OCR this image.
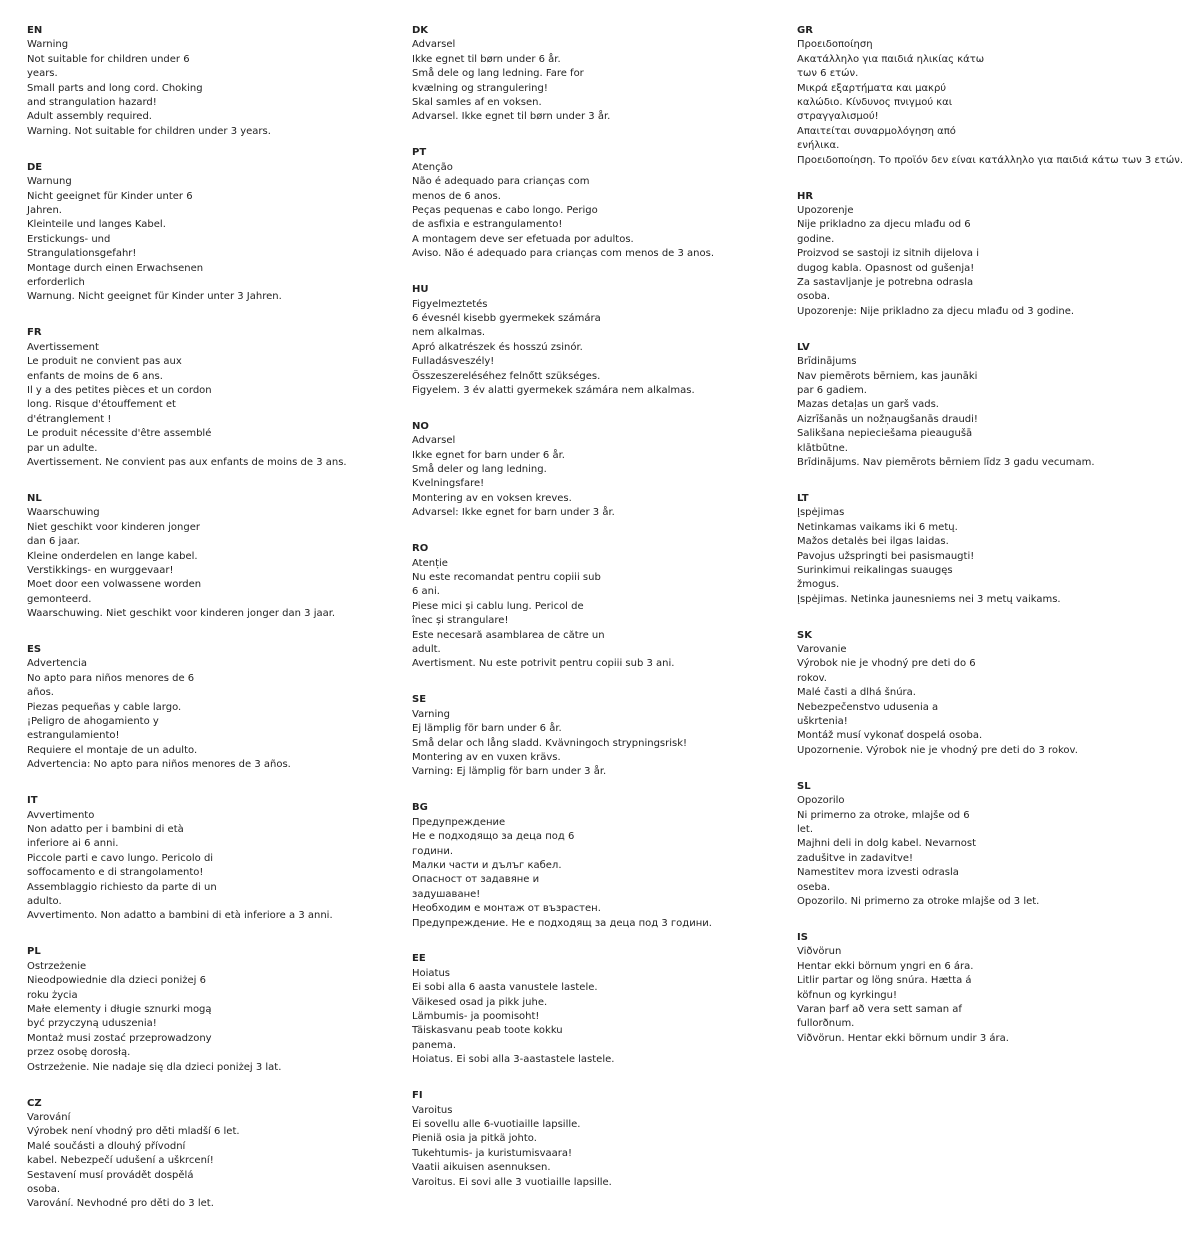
EN
Warning
Not suitable for children under 6
years.
Small parts and long cord. Choking
and strangulation hazard!
Adult assembly required.
Warning. Not suitable for children under 3 years.
DE
Warnung
Nicht geeignet für Kinder unter 6
Jahren.
Kleinteile und langes Kabel.
Erstickungs- und
Strangulationsgefahr!
Montage durch einen Erwachsenen
erforderlich
Warnung. Nicht geeignet für Kinder unter 3 Jahren.
FR
Avertissement
Le produit ne convient pas aux
enfants de moins de 6 ans.
Il y a des petites pièces et un cordon
long. Risque d'étouffement et
d'étranglement !
Le produit nécessite d'être assemblé
par un adulte.
Avertissement. Ne convient pas aux enfants de moins de 3 ans.
NL
Waarschuwing
Niet geschikt voor kinderen jonger
dan 6 jaar.
Kleine onderdelen en lange kabel.
Verstikkings- en wurggevaar!
Moet door een volwassene worden
gemonteerd.
Waarschuwing. Niet geschikt voor kinderen jonger dan 3 jaar.
ES
Advertencia
No apto para niños menores de 6
años.
Piezas pequeñas y cable largo.
¡Peligro de ahogamiento y
estrangulamiento!
Requiere el montaje de un adulto.
Advertencia: No apto para niños menores de 3 años.
IT
Avvertimento
Non adatto per i bambini di età
inferiore ai 6 anni.
Piccole parti e cavo lungo. Pericolo di
soffocamento e di strangolamento!
Assemblaggio richiesto da parte di un
adulto.
Avvertimento. Non adatto a bambini di età inferiore a 3 anni.
PL
Ostrzeżenie
Nieodpowiednie dla dzieci poniżej 6
roku życia
Małe elementy i długie sznurki mogą
być przyczyną uduszenia!
Montaż musi zostać przeprowadzony
przez osobę dorosłą.
Ostrzeżenie. Nie nadaje się dla dzieci poniżej 3 lat.
CZ
Varování
Výrobek není vhodný pro děti mladší 6 let.
Malé součásti a dlouhý přívodní
kabel. Nebezpečí udušení a uškrcení!
Sestavení musí provádět dospělá
osoba.
Varování. Nevhodné pro děti do 3 let.
DK
Advarsel
Ikke egnet til børn under 6 år.
Små dele og lang ledning. Fare for
kvælning og strangulering!
Skal samles af en voksen.
Advarsel. Ikke egnet til børn under 3 år.
PT
Atenção
Não é adequado para crianças com
menos de 6 anos.
Peças pequenas e cabo longo. Perigo
de asfixia e estrangulamento!
A montagem deve ser efetuada por adultos.
Aviso. Não é adequado para crianças com menos de 3 anos.
HU
Figyelmeztetés
6 évesnél kisebb gyermekek számára
nem alkalmas.
Apró alkatrészek és hosszú zsinór.
Fulladásveszély!
Összeszereléséhez felnőtt szükséges.
Figyelem. 3 év alatti gyermekek számára nem alkalmas.
NO
Advarsel
Ikke egnet for barn under 6 år.
Små deler og lang ledning.
Kvelningsfare!
Montering av en voksen kreves.
Advarsel: Ikke egnet for barn under 3 år.
RO
Atenție
Nu este recomandat pentru copiii sub
6 ani.
Piese mici și cablu lung. Pericol de
înec și strangulare!
Este necesară asamblarea de către un
adult.
Avertisment. Nu este potrivit pentru copiii sub 3 ani.
SE
Varning
Ej lämplig för barn under 6 år.
Små delar och lång sladd. Kvävningoch strypningsrisk!
Montering av en vuxen krävs.
Varning: Ej lämplig för barn under 3 år.
BG
Предупреждение
Не е подходящо за деца под 6
години.
Малки части и дълъг кабел.
Опасност от задавяне и
задушаване!
Необходим е монтаж от възрастен.
Предупреждение. Не е подходящ за деца под 3 години.
EE
Hoiatus
Ei sobi alla 6 aasta vanustele lastele.
Väikesed osad ja pikk juhe.
Lämbumis- ja poomisoht!
Täiskasvanu peab toote kokku
panema.
Hoiatus. Ei sobi alla 3-aastastele lastele.
FI
Varoitus
Ei sovellu alle 6-vuotiaille lapsille.
Pieniä osia ja pitkä johto.
Tukehtumis- ja kuristumisvaara!
Vaatii aikuisen asennuksen.
Varoitus. Ei sovi alle 3 vuotiaille lapsille.
GR
Προειδοποίηση
Ακατάλληλο για παιδιά ηλικίας κάτω
των 6 ετών.
Μικρά εξαρτήματα και μακρύ
καλώδιο. Κίνδυνος πνιγμού και
στραγγαλισμού!
Απαιτείται συναρμολόγηση από
ενήλικα.
Προειδοποίηση. Το προϊόν δεν είναι κατάλληλο για παιδιά κάτω των 3 ετών.
HR
Upozorenje
Nije prikladno za djecu mlađu od 6
godine.
Proizvod se sastoji iz sitnih dijelova i
dugog kabla. Opasnost od gušenja!
Za sastavljanje je potrebna odrasla
osoba.
Upozorenje: Nije prikladno za djecu mlađu od 3 godine.
LV
Brīdinājums
Nav piemērots bērniem, kas jaunāki
par 6 gadiem.
Mazas detaļas un garš vads.
Aizrīšanās un nožņaugšanās draudi!
Salikšana nepieciešama pieaugušā
klātbūtne.
Brīdinājums. Nav piemērots bērniem līdz 3 gadu vecumam.
LT
Įspėjimas
Netinkamas vaikams iki 6 metų.
Mažos detalės bei ilgas laidas.
Pavojus užspringti bei pasismaugti!
Surinkimui reikalingas suaugęs
žmogus.
Įspėjimas. Netinka jaunesniems nei 3 metų vaikams.
SK
Varovanie
Výrobok nie je vhodný pre deti do 6
rokov.
Malé časti a dlhá šnúra.
Nebezpečenstvo udusenia a
uškrtenia!
Montáž musí vykonať dospelá osoba.
Upozornenie. Výrobok nie je vhodný pre deti do 3 rokov.
SL
Opozorilo
Ni primerno za otroke, mlajše od 6
let.
Majhni deli in dolg kabel. Nevarnost
zadušitve in zadavitve!
Namestitev mora izvesti odrasla
oseba.
Opozorilo. Ni primerno za otroke mlajše od 3 let.
IS
Viðvörun
Hentar ekki börnum yngri en 6 ára.
Litlir partar og löng snúra. Hætta á
köfnun og kyrkingu!
Varan þarf að vera sett saman af
fullorðnum.
Viðvörun. Hentar ekki börnum undir 3 ára.
